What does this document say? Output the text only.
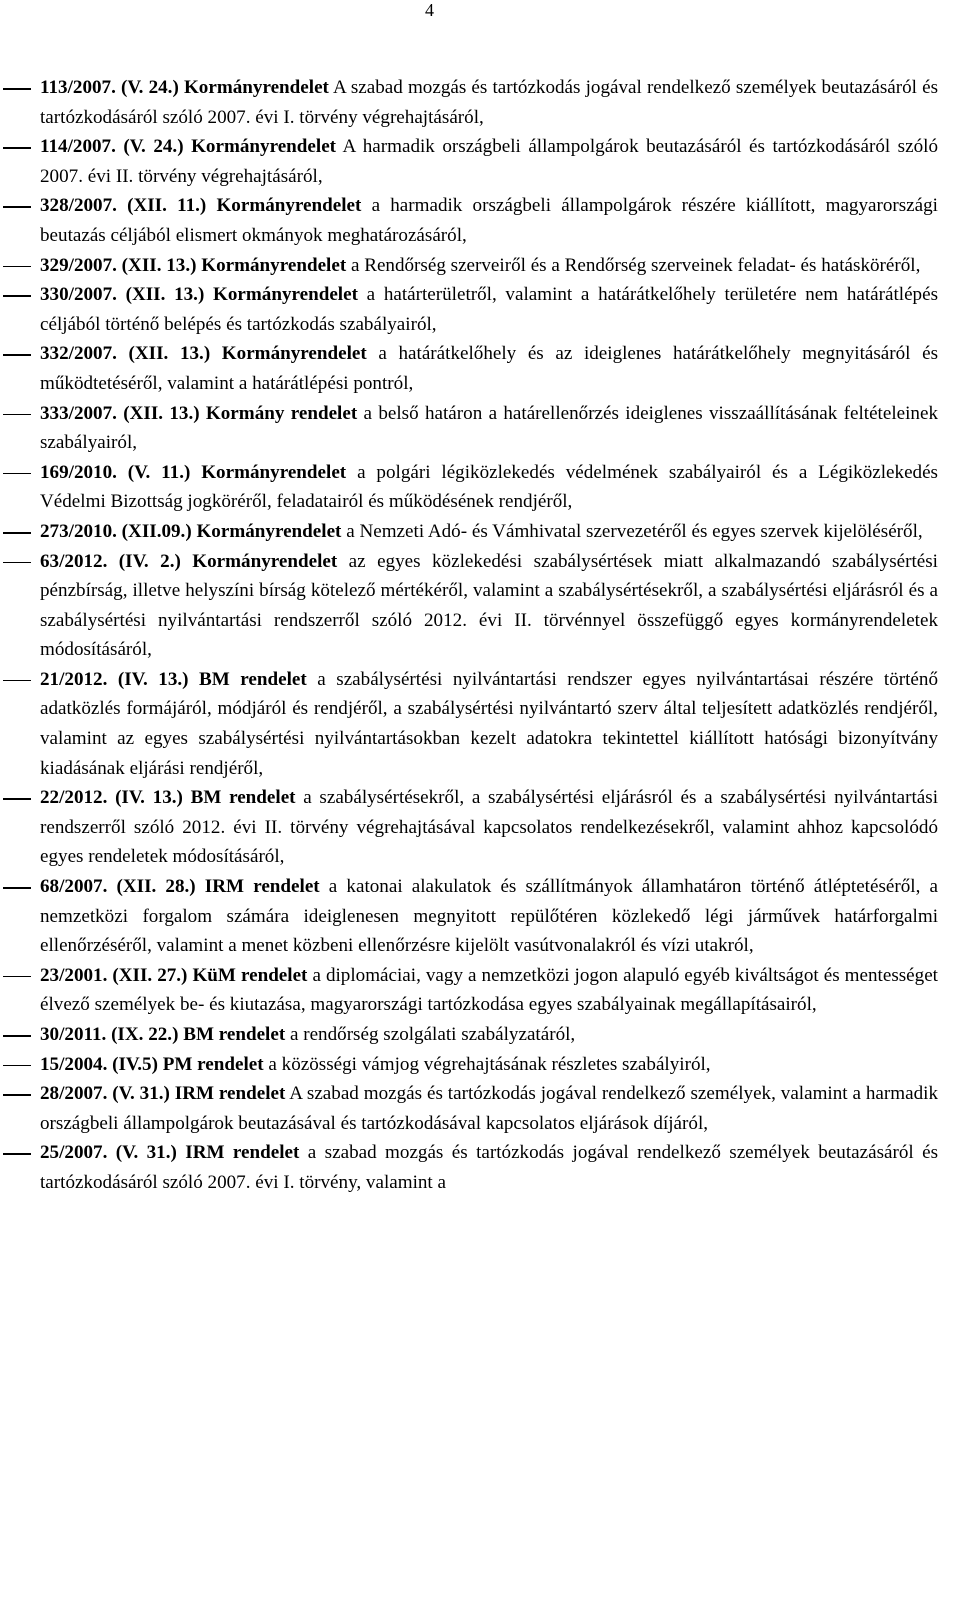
4
113/2007. (V. 24.) Kormányrendelet A szabad mozgás és tartózkodás jogával rendelkező személyek beutazásáról és tartózkodásáról szóló 2007. évi I. törvény végrehajtásáról,
114/2007. (V. 24.) Kormányrendelet A harmadik országbeli állampolgárok beutazásáról és tartózkodásáról szóló 2007. évi II. törvény végrehajtásáról,
328/2007. (XII. 11.) Kormányrendelet a harmadik országbeli állampolgárok részére kiállított, magyarországi beutazás céljából elismert okmányok meghatározásáról,
329/2007. (XII. 13.) Kormányrendelet a Rendőrség szerveiről és a Rendőrség szerveinek feladat- és hatásköréről,
330/2007. (XII. 13.) Kormányrendelet a határterületről, valamint a határátkelőhely területére nem határátlépés céljából történő belépés és tartózkodás szabályairól,
332/2007. (XII. 13.) Kormányrendelet a határátkelőhely és az ideiglenes határátkelőhely megnyitásáról és működtetéséről, valamint a határátlépési pontról,
333/2007. (XII. 13.) Kormány rendelet a belső határon a határellenőrzés ideiglenes visszaállításának feltételeinek szabályairól,
169/2010. (V. 11.) Kormányrendelet a polgári légiközlekedés védelmének szabályairól és a Légiközlekedés Védelmi Bizottság jogköréről, feladatairól és működésének rendjéről,
273/2010. (XII.09.) Kormányrendelet a Nemzeti Adó- és Vámhivatal szervezetéről és egyes szervek kijelöléséről,
63/2012. (IV. 2.) Kormányrendelet az egyes közlekedési szabálysértések miatt alkalmazandó szabálysértési pénzbírság, illetve helyszíni bírság kötelező mértékéről, valamint a szabálysértésekről, a szabálysértési eljárásról és a szabálysértési nyilvántartási rendszerről szóló 2012. évi II. törvénnyel összefüggő egyes kormányrendeletek módosításáról,
21/2012. (IV. 13.) BM rendelet a szabálysértési nyilvántartási rendszer egyes nyilvántartásai részére történő adatközlés formájáról, módjáról és rendjéről, a szabálysértési nyilvántartó szerv által teljesített adatközlés rendjéről, valamint az egyes szabálysértési nyilvántartásokban kezelt adatokra tekintettel kiállított hatósági bizonyítvány kiadásának eljárási rendjéről,
22/2012. (IV. 13.) BM rendelet a szabálysértésekről, a szabálysértési eljárásról és a szabálysértési nyilvántartási rendszerről szóló 2012. évi II. törvény végrehajtásával kapcsolatos rendelkezésekről, valamint ahhoz kapcsolódó egyes rendeletek módosításáról,
68/2007. (XII. 28.) IRM rendelet a katonai alakulatok és szállítmányok államhatáron történő átléptetéséről, a nemzetközi forgalom számára ideiglenesen megnyitott repülőtéren közlekedő légi járművek határforgalmi ellenőrzéséről, valamint a menet közbeni ellenőrzésre kijelölt vasútvonalakról és vízi utakról,
23/2001. (XII. 27.) KüM rendelet a diplomáciai, vagy a nemzetközi jogon alapuló egyéb kiváltságot és mentességet élvező személyek be- és kiutazása, magyarországi tartózkodása egyes szabályainak megállapításairól,
30/2011. (IX. 22.) BM rendelet a rendőrség szolgálati szabályzatáról,
15/2004. (IV.5) PM rendelet a közösségi vámjog végrehajtásának részletes szabályiról,
28/2007. (V. 31.) IRM rendelet A szabad mozgás és tartózkodás jogával rendelkező személyek, valamint a harmadik országbeli állampolgárok beutazásával és tartózkodásával kapcsolatos eljárások díjáról,
25/2007. (V. 31.) IRM rendelet a szabad mozgás és tartózkodás jogával rendelkező személyek beutazásáról és tartózkodásáról szóló 2007. évi I. törvény, valamint a
